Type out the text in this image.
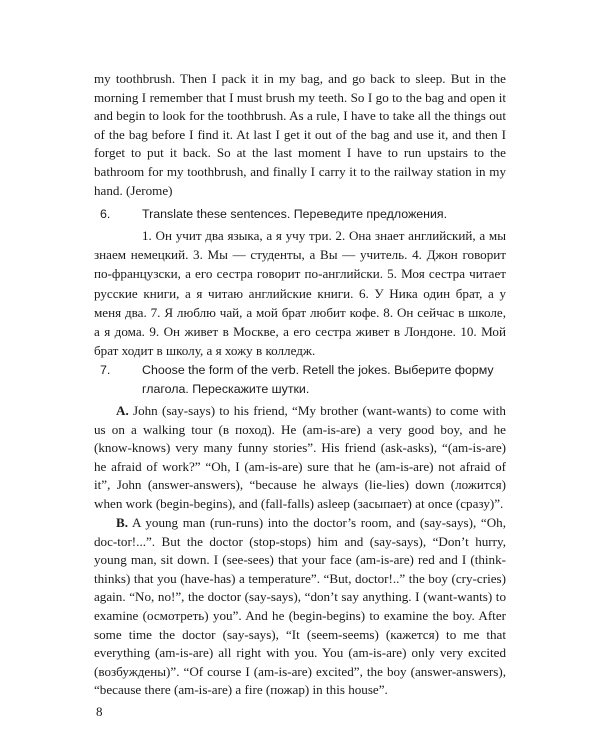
my toothbrush. Then I pack it in my bag, and go back to sleep. But in the morning I remember that I must brush my teeth. So I go to the bag and open it and begin to look for the toothbrush. As a rule, I have to take all the things out of the bag before I find it. At last I get it out of the bag and use it, and then I forget to put it back. So at the last moment I have to run upstairs to the bathroom for my toothbrush, and finally I carry it to the railway station in my hand. (Jerome)

6.	Translate these sentences. Переведите предложения.

1. Он учит два языка, а я учу три. 2. Она знает английский, а мы знаем немецкий. 3. Мы — студенты, а Вы — учитель. 4. Джон говорит по-французски, а его сестра говорит по-английски. 5. Моя сестра читает русские книги, а я читаю английские книги. 6. У Ника один брат, а у меня два. 7. Я люблю чай, а мой брат любит кофе. 8. Он сейчас в школе, а я дома. 9. Он живет в Москве, а его сестра живет в Лондоне. 10. Мой брат ходит в школу, а я хожу в колледж.

7.	Choose the form of the verb. Retell the jokes. Выберите форму глагола. Перескажите шутки.

A. John (say-says) to his friend, “My brother (want-wants) to come with us on a walking tour (в поход). He (am-is-are) a very good boy, and he (know-knows) very many funny stories”. His friend (ask-asks), “(am-is-are) he afraid of work?” “Oh, I (am-is-are) sure that he (am-is-are) not afraid of it”, John (answer-answers), “because he always (lie-lies) down (ложится) when work (begin-begins), and (fall-falls) asleep (засыпает) at once (сразу)”.

B. A young man (run-runs) into the doctor’s room, and (say-says), “Oh, doc-tor!...”. But the doctor (stop-stops) him and (say-says), “Don’t hurry, young man, sit down. I (see-sees) that your face (am-is-are) red and I (think-thinks) that you (have-has) a temperature”. “But, doctor!..” the boy (cry-cries) again. “No, no!”, the doctor (say-says), “don’t say anything. I (want-wants) to examine (осмотреть) you”. And he (begin-begins) to examine the boy. After some time the doctor (say-says), “It (seem-seems) (кажется) to me that everything (am-is-are) all right with you. You (am-is-are) only very excited (возбуждены)”. “Of course I (am-is-are) excited”, the boy (answer-answers), “because there (am-is-are) a fire (пожар) in this house”.

8
